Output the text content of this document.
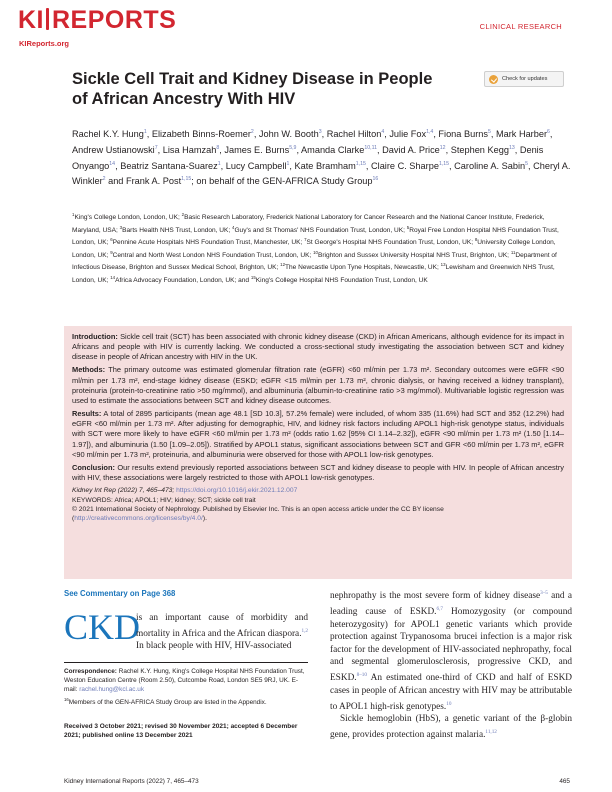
KI REPORTS
KIReports.org
CLINICAL RESEARCH
Sickle Cell Trait and Kidney Disease in People of African Ancestry With HIV
Check for updates
Rachel K.Y. Hung$^1$, Elizabeth Binns-Roemer$^2$, John W. Booth$^3$, Rachel Hilton$^4$, Julie Fox$^{1,4}$, Fiona Burns$^5$, Mark Harber$^6$, Andrew Ustianowski$^7$, Lisa Hamzah$^8$, James E. Burns$^{5,9}$, Amanda Clarke$^{10,11}$, David A. Price$^{12}$, Stephen Kegg$^{13}$, Denis Onyango$^{14}$, Beatriz Santana-Suarez$^1$, Lucy Campbell$^1$, Kate Bramham$^{1,15}$, Claire C. Sharpe$^{1,15}$, Caroline A. Sabin$^5$, Cheryl A. Winkler$^2$ and Frank A. Post$^{1,15}$; on behalf of the GEN-AFRICA Study Group$^{16}$
$^1$King's College London, London, UK; $^2$Basic Research Laboratory, Frederick National Laboratory for Cancer Research and the National Cancer Institute, Frederick, Maryland, USA; $^3$Barts Health NHS Trust, London, UK; $^4$Guy's and St Thomas' NHS Foundation Trust, London, UK; $^5$Royal Free London Hospital NHS Foundation Trust, London, UK; $^6$Pennine Acute Hospitals NHS Foundation Trust, Manchester, UK; $^7$St George's Hospital NHS Foundation Trust, London, UK; $^8$University College London, London, UK; $^9$Central and North West London NHS Foundation Trust, London, UK; $^{10}$Brighton and Sussex University Hospital NHS Trust, Brighton, UK; $^{11}$Department of Infectious Disease, Brighton and Sussex Medical School, Brighton, UK; $^{12}$The Newcastle Upon Tyne Hospitals, Newcastle, UK; $^{13}$Lewisham and Greenwich NHS Trust, London, UK; $^{14}$Africa Advocacy Foundation, London, UK; and $^{15}$King's College Hospital NHS Foundation Trust, London, UK

Introduction: Sickle cell trait (SCT) has been associated with chronic kidney disease (CKD) in African Americans, although evidence for its impact in Africans and people with HIV is currently lacking. We conducted a cross-sectional study investigating the association between SCT and kidney disease in people of African ancestry with HIV in the UK.

Methods: The primary outcome was estimated glomerular filtration rate (eGFR) <60 ml/min per 1.73 m². Secondary outcomes were eGFR <90 ml/min per 1.73 m², end-stage kidney disease (ESKD; eGFR <15 ml/min per 1.73 m², chronic dialysis, or having received a kidney transplant), proteinuria (protein-to-creatinine ratio >50 mg/mmol), and albuminuria (albumin-to-creatinine ratio >3 mg/mmol). Multivariable logistic regression was used to estimate the associations between SCT and kidney disease outcomes.

Results: A total of 2895 participants (mean age 48.1 [SD 10.3], 57.2% female) were included, of whom 335 (11.6%) had SCT and 352 (12.2%) had eGFR <60 ml/min per 1.73 m². After adjusting for demographic, HIV, and kidney risk factors including APOL1 high-risk genotype status, individuals with SCT were more likely to have eGFR <60 ml/min per 1.73 m² (odds ratio 1.62 [95% CI 1.14–2.32]), eGFR <90 ml/min per 1.73 m² (1.50 [1.14–1.97]), and albuminuria (1.50 [1.09–2.05]). Stratified by APOL1 status, significant associations between SCT and GFR <60 ml/min per 1.73 m², eGFR <90 ml/min per 1.73 m², proteinuria, and albuminuria were observed for those with APOL1 low-risk genotypes.

Conclusion: Our results extend previously reported associations between SCT and kidney disease to people with HIV. In people of African ancestry with HIV, these associations were largely restricted to those with APOL1 low-risk genotypes.

Kidney Int Rep (2022) 7, 465–473; https://doi.org/10.1016/j.ekir.2021.12.007
KEYWORDS: Africa; APOL1; HIV; kidney; SCT; sickle cell trait
© 2021 International Society of Nephrology. Published by Elsevier Inc. This is an open access article under the CC BY license (http://creativecommons.org/licenses/by/4.0/).
See Commentary on Page 368
CKD
is an important cause of morbidity and mortality in Africa and the African diaspora.$^{1,2}$ In black people with HIV, HIV-associated
Correspondence: Rachel K.Y. Hung, King's College Hospital NHS Foundation Trust, Weston Education Centre (Room 2.50), Cutcombe Road, London SE5 9RJ, UK. E-mail: rachel.hung@kcl.ac.uk
$^{16}$Members of the GEN-AFRICA Study Group are listed in the Appendix.
Received 3 October 2021; revised 30 November 2021; accepted 6 December 2021; published online 13 December 2021

nephropathy is the most severe form of kidney disease$^{3-5}$ and a leading cause of ESKD.$^{6,7}$ Homozygosity (or compound heterozygosity) for APOL1 genetic variants which provide protection against Trypanosoma brucei infection is a major risk factor for the development of HIV-associated nephropathy, focal and segmental glomerulosclerosis, progressive CKD, and ESKD.$^{8-10}$ An estimated one-third of CKD and half of ESKD cases in people of African ancestry with HIV may be attributable to APOL1 high-risk genotypes.$^{10}$

Sickle hemoglobin (HbS), a genetic variant of the β-globin gene, provides protection against malaria.$^{11,12}$

Kidney International Reports (2022) 7, 465–473	465
